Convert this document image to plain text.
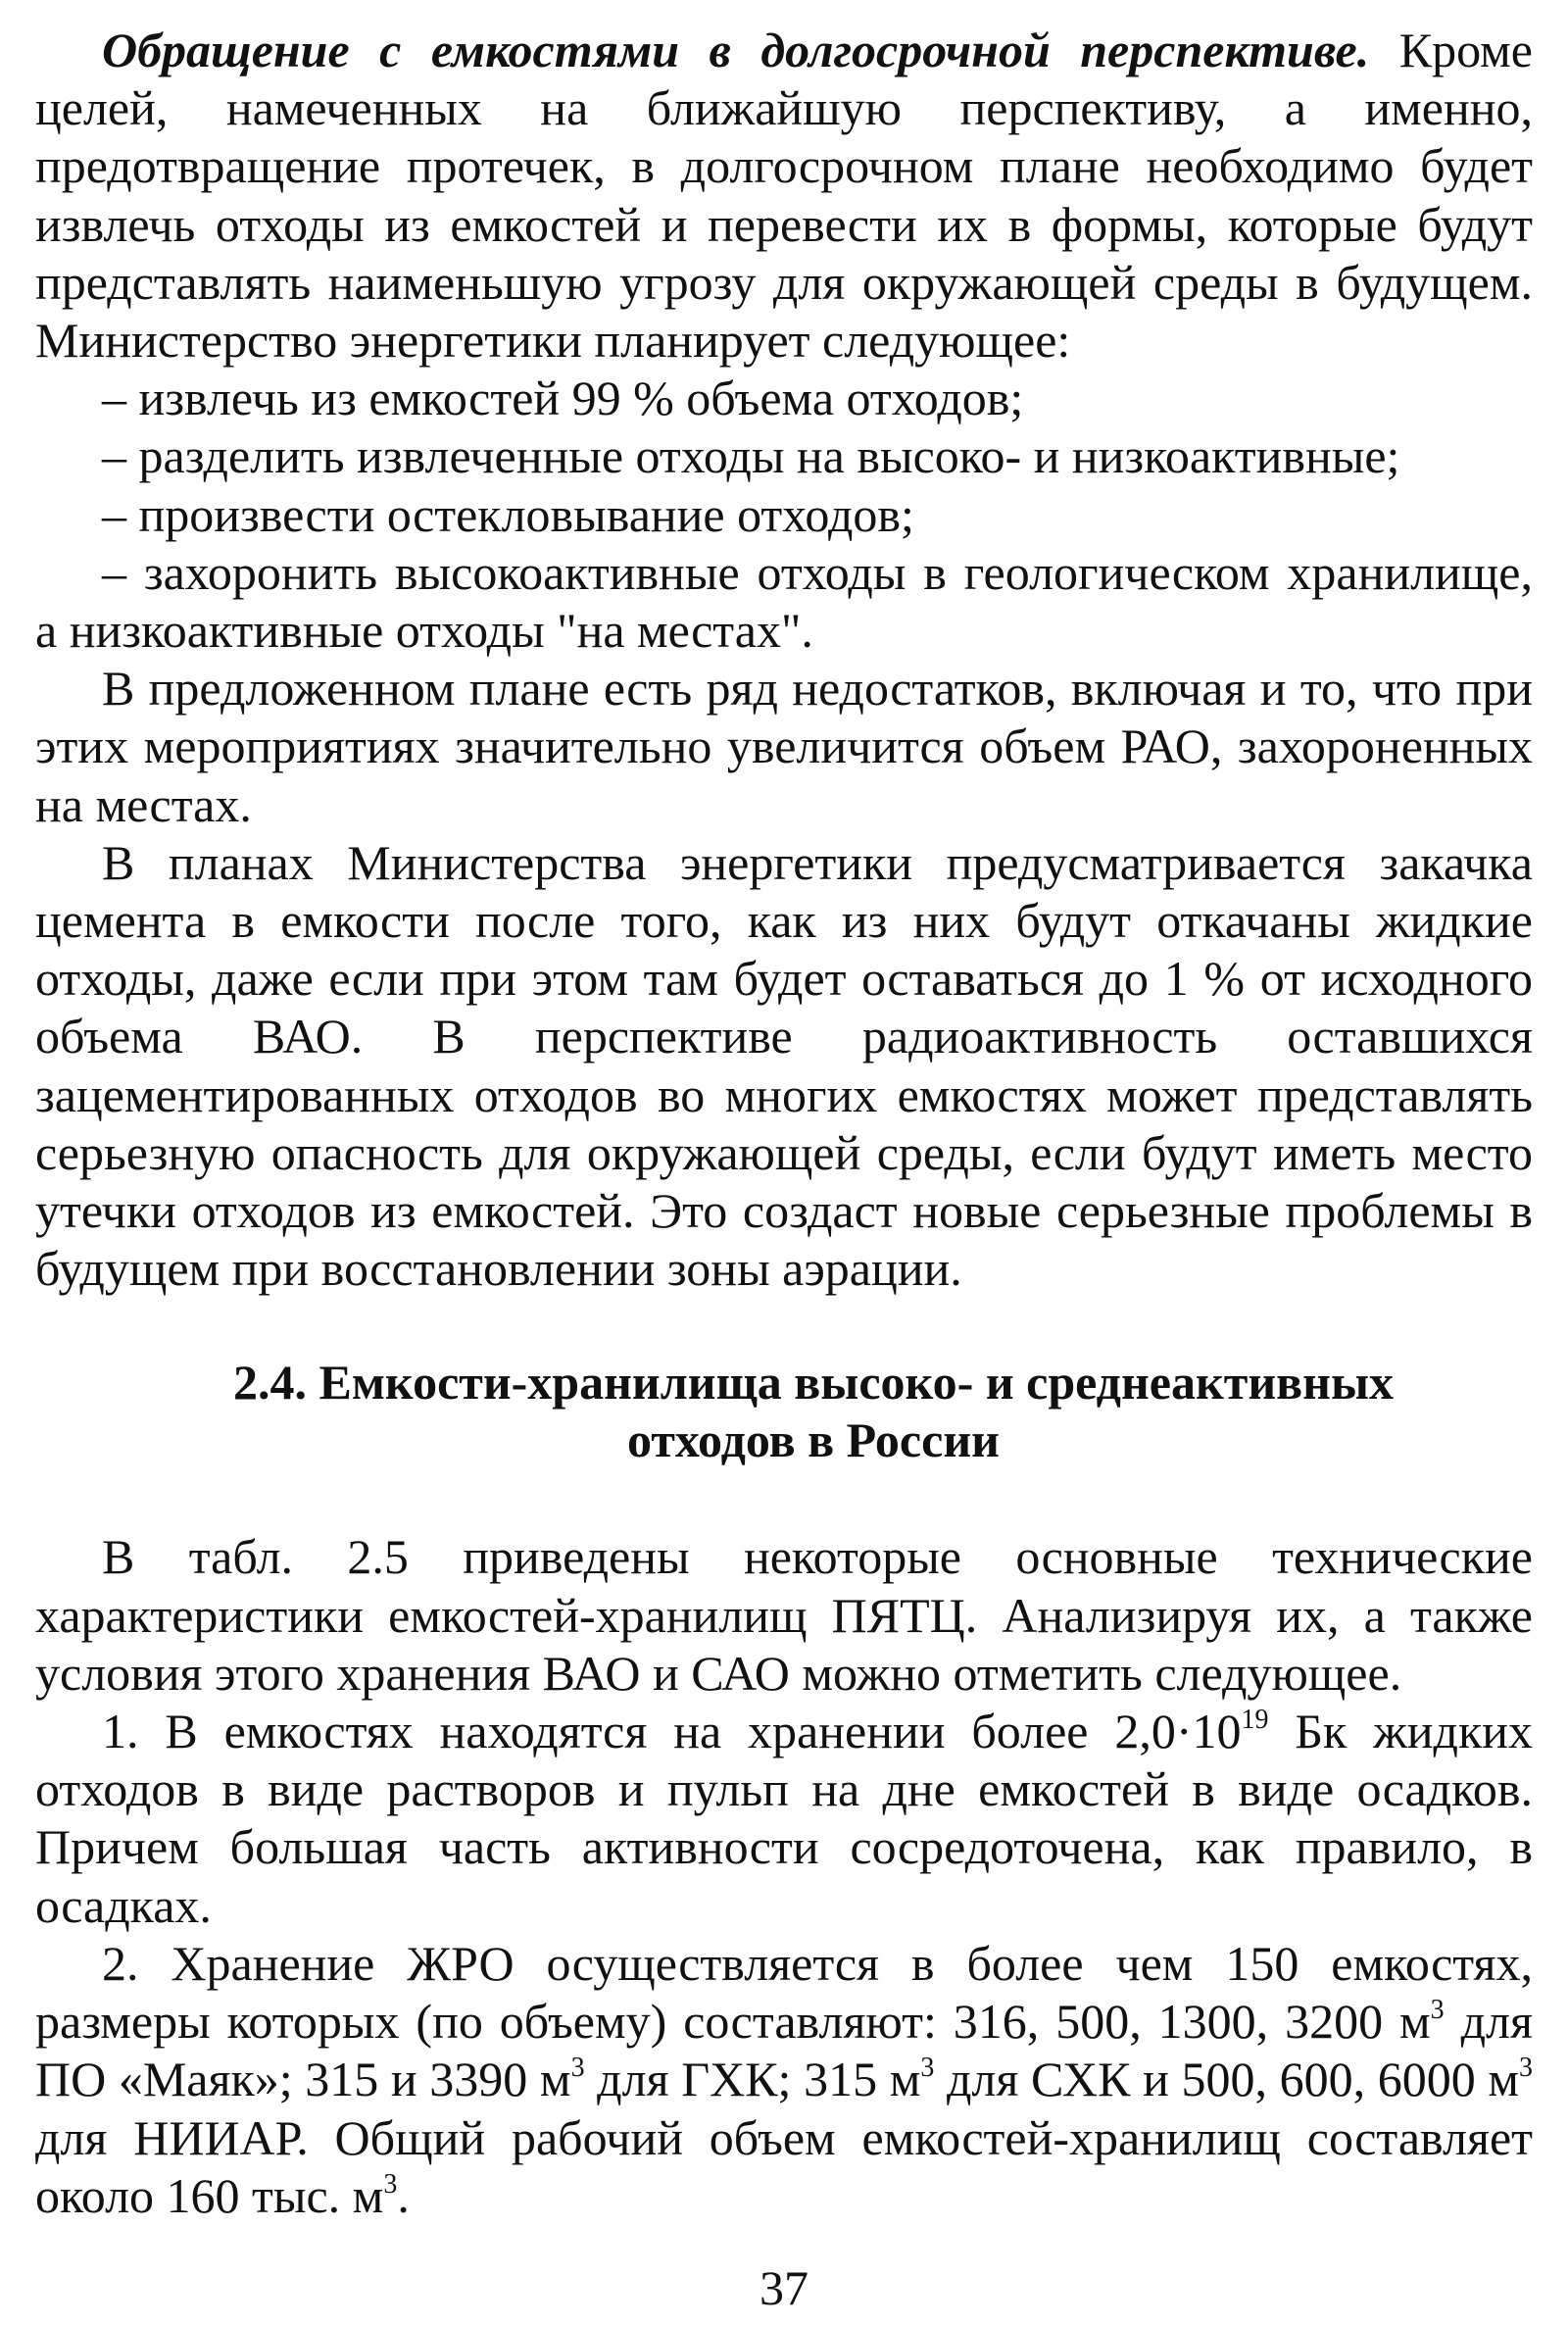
Обращение с емкостями в долгосрочной перспективе. Кроме целей, намеченных на ближайшую перспективу, а именно, предотвращение протечек, в долгосрочном плане необходимо будет извлечь отходы из емкостей и перевести их в формы, которые будут представлять наименьшую угрозу для окружающей среды в будущем. Министерство энергетики планирует следующее:

– извлечь из емкостей 99 % объема отходов;

– разделить извлеченные отходы на высоко- и низкоактивные;

– произвести остекловывание отходов;

– захоронить высокоактивные отходы в геологическом хранилище, а низкоактивные отходы "на местах".

В предложенном плане есть ряд недостатков, включая и то, что при этих мероприятиях значительно увеличится объем РАО, захороненных на местах.

В планах Министерства энергетики предусматривается закачка цемента в емкости после того, как из них будут откачаны жидкие отходы, даже если при этом там будет оставаться до 1 % от исходного объема ВАО. В перспективе радиоактивность оставшихся зацементированных отходов во многих емкостях может представлять серьезную опасность для окружающей среды, если будут иметь место утечки отходов из емкостей. Это создаст новые серьезные проблемы в будущем при восстановлении зоны аэрации.

2.4. Емкости-хранилища высоко- и среднеактивных
отходов в России

В табл. 2.5 приведены некоторые основные технические характеристики емкостей-хранилищ ПЯТЦ. Анализируя их, а также условия этого хранения ВАО и САО можно отметить следующее.

1. В емкостях находятся на хранении более $2,0\cdot 10^{19}$ Бк жидких отходов в виде растворов и пульп на дне емкостей в виде осадков. Причем большая часть активности сосредоточена, как правило, в осадках.

2. Хранение ЖРО осуществляется в более чем 150 емкостях, размеры которых (по объему) составляют: 316, 500, 1300, 3200 $м^3$ для ПО «Маяк»; 315 и 3390 $м^3$ для ГХК; 315 $м^3$ для СХК и 500, 600, 6000 $м^3$ для НИИАР. Общий рабочий объем емкостей-хранилищ составляет около 160 тыс. $м^3$.

37
